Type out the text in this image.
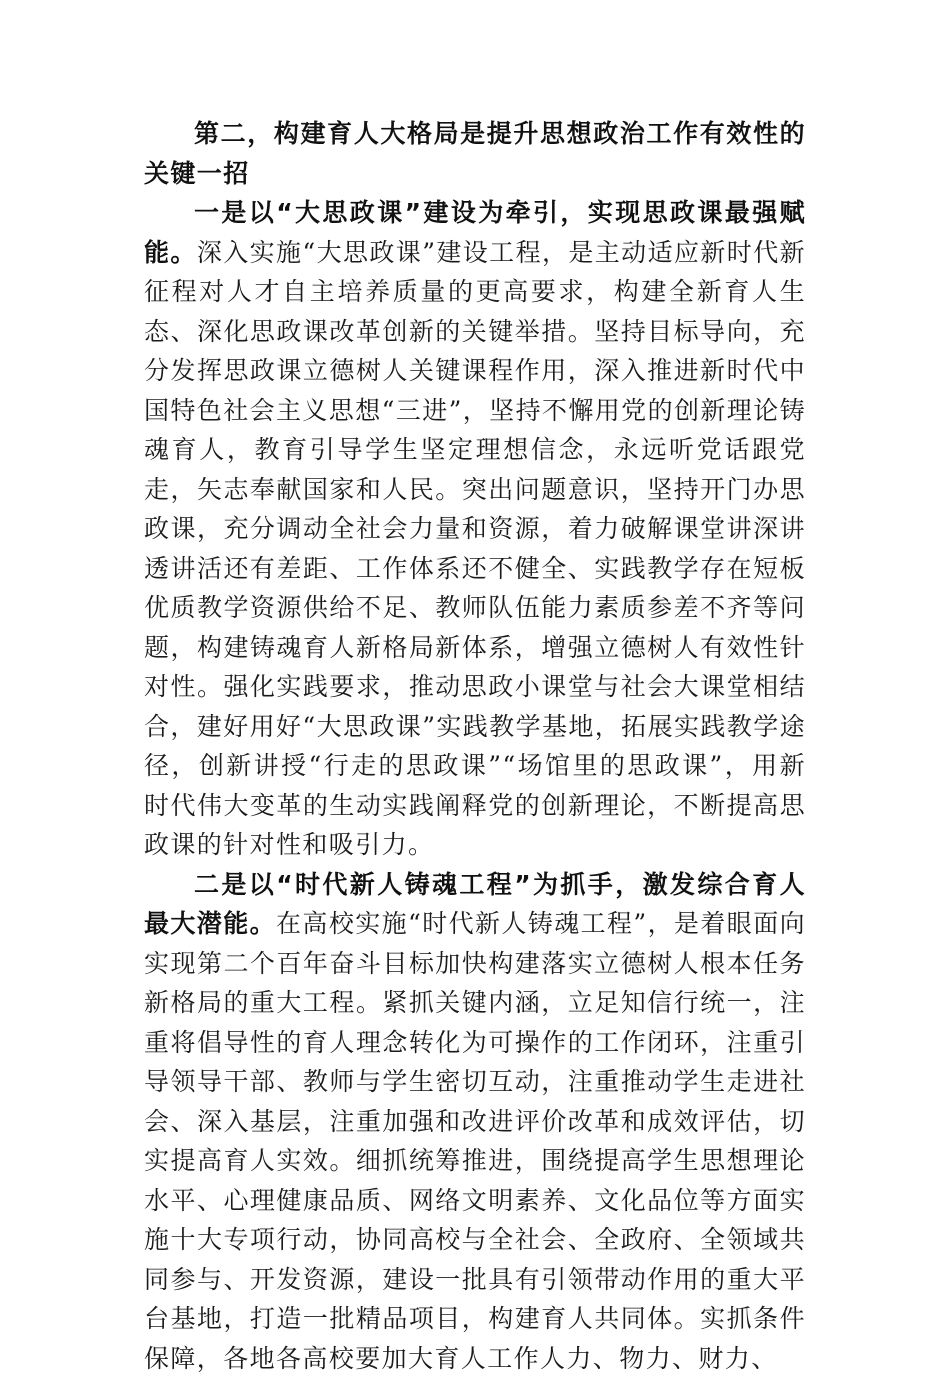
第二，构建育人大格局是提升思想政治工作有效性的关键一招

一是以“大思政课”建设为牵引，实现思政课最强赋能。深入实施“大思政课”建设工程，是主动适应新时代新征程对人才自主培养质量的更高要求，构建全新育人生态、深化思政课改革创新的关键举措。坚持目标导向，充分发挥思政课立德树人关键课程作用，深入推进新时代中国特色社会主义思想“三进”，坚持不懈用党的创新理论铸魂育人，教育引导学生坚定理想信念，永远听党话跟党走，矢志奉献国家和人民。突出问题意识，坚持开门办思政课，充分调动全社会力量和资源，着力破解课堂讲深讲透讲活还有差距、工作体系还不健全、实践教学存在短板优质教学资源供给不足、教师队伍能力素质参差不齐等问题，构建铸魂育人新格局新体系，增强立德树人有效性针对性。强化实践要求，推动思政小课堂与社会大课堂相结合，建好用好“大思政课”实践教学基地，拓展实践教学途径，创新讲授“行走的思政课”“场馆里的思政课”，用新时代伟大变革的生动实践阐释党的创新理论，不断提高思政课的针对性和吸引力。

二是以“时代新人铸魂工程”为抓手，激发综合育人最大潜能。在高校实施“时代新人铸魂工程”，是着眼面向实现第二个百年奋斗目标加快构建落实立德树人根本任务新格局的重大工程。紧抓关键内涵，立足知信行统一，注重将倡导性的育人理念转化为可操作的工作闭环，注重引导领导干部、教师与学生密切互动，注重推动学生走进社会、深入基层，注重加强和改进评价改革和成效评估，切实提高育人实效。细抓统筹推进，围绕提高学生思想理论水平、心理健康品质、网络文明素养、文化品位等方面实施十大专项行动，协同高校与全社会、全政府、全领域共同参与、开发资源，建设一批具有引领带动作用的重大平台基地，打造一批精品项目，构建育人共同体。实抓条件保障，各地各高校要加大育人工作人力、物力、财力、
